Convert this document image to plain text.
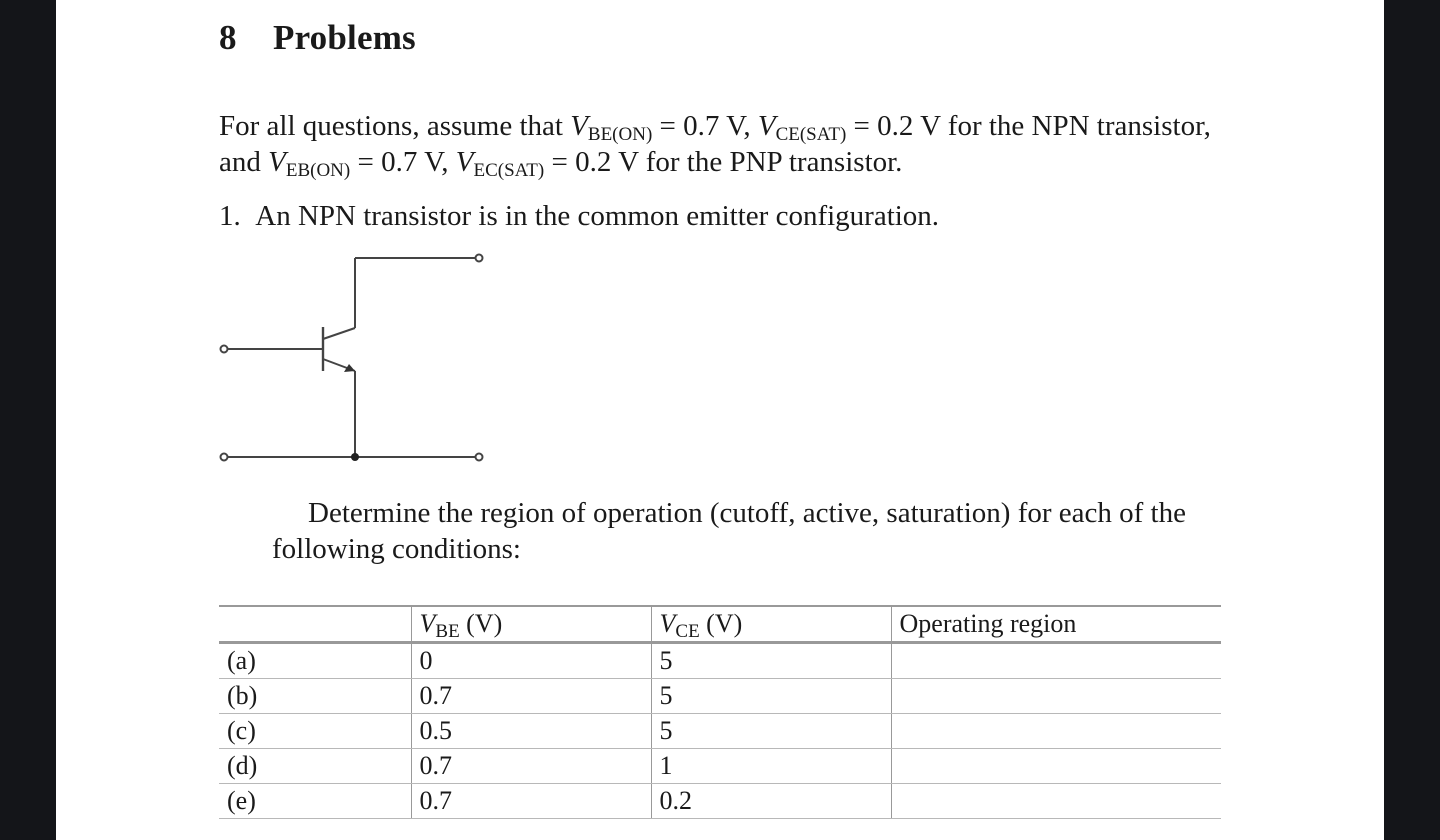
8 Problems
For all questions, assume that $V_{BE(ON)} = 0.7$ V, $V_{CE(SAT)} = 0.2$ V for the NPN transistor,
and $V_{EB(ON)} = 0.7$ V, $V_{EC(SAT)} = 0.2$ V for the PNP transistor.
1. An NPN transistor is in the common emitter configuration.
Determine the region of operation (cutoff, active, saturation) for each of the
following conditions:
	$V_{BE}$ (V)	$V_{CE}$ (V)	Operating region
(a)	0	5	
(b)	0.7	5	
(c)	0.5	5	
(d)	0.7	1	
(e)	0.7	0.2	
